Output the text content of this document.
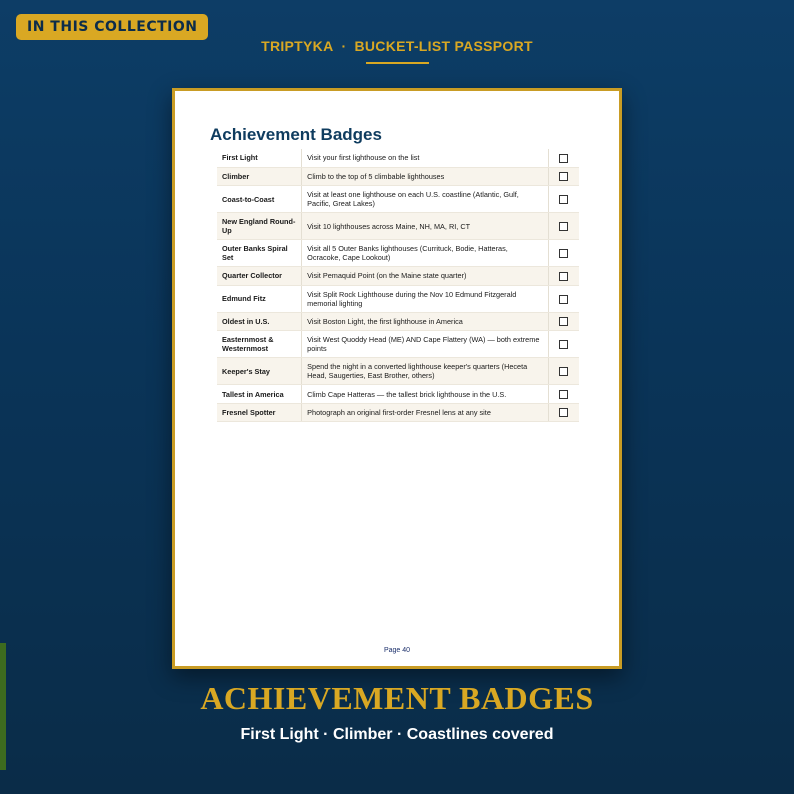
IN THIS COLLECTION
TRIPTYKA · BUCKET-LIST PASSPORT
Achievement Badges
First Light	Visit your first lighthouse on the list	
Climber	Climb to the top of 5 climbable lighthouses	
Coast-to-Coast	Visit at least one lighthouse on each U.S. coastline (Atlantic, Gulf, Pacific, Great Lakes)	
New England Round-Up	Visit 10 lighthouses across Maine, NH, MA, RI, CT	
Outer Banks Spiral Set	Visit all 5 Outer Banks lighthouses (Currituck, Bodie, Hatteras, Ocracoke, Cape Lookout)	
Quarter Collector	Visit Pemaquid Point (on the Maine state quarter)	
Edmund Fitz	Visit Split Rock Lighthouse during the Nov 10 Edmund Fitzgerald memorial lighting	
Oldest in U.S.	Visit Boston Light, the first lighthouse in America	
Easternmost & Westernmost	Visit West Quoddy Head (ME) AND Cape Flattery (WA) — both extreme points	
Keeper's Stay	Spend the night in a converted lighthouse keeper's quarters (Heceta Head, Saugerties, East Brother, others)	
Tallest in America	Climb Cape Hatteras — the tallest brick lighthouse in the U.S.	
Fresnel Spotter	Photograph an original first-order Fresnel lens at any site	
Page 40
ACHIEVEMENT BADGES
First Light · Climber · Coastlines covered
